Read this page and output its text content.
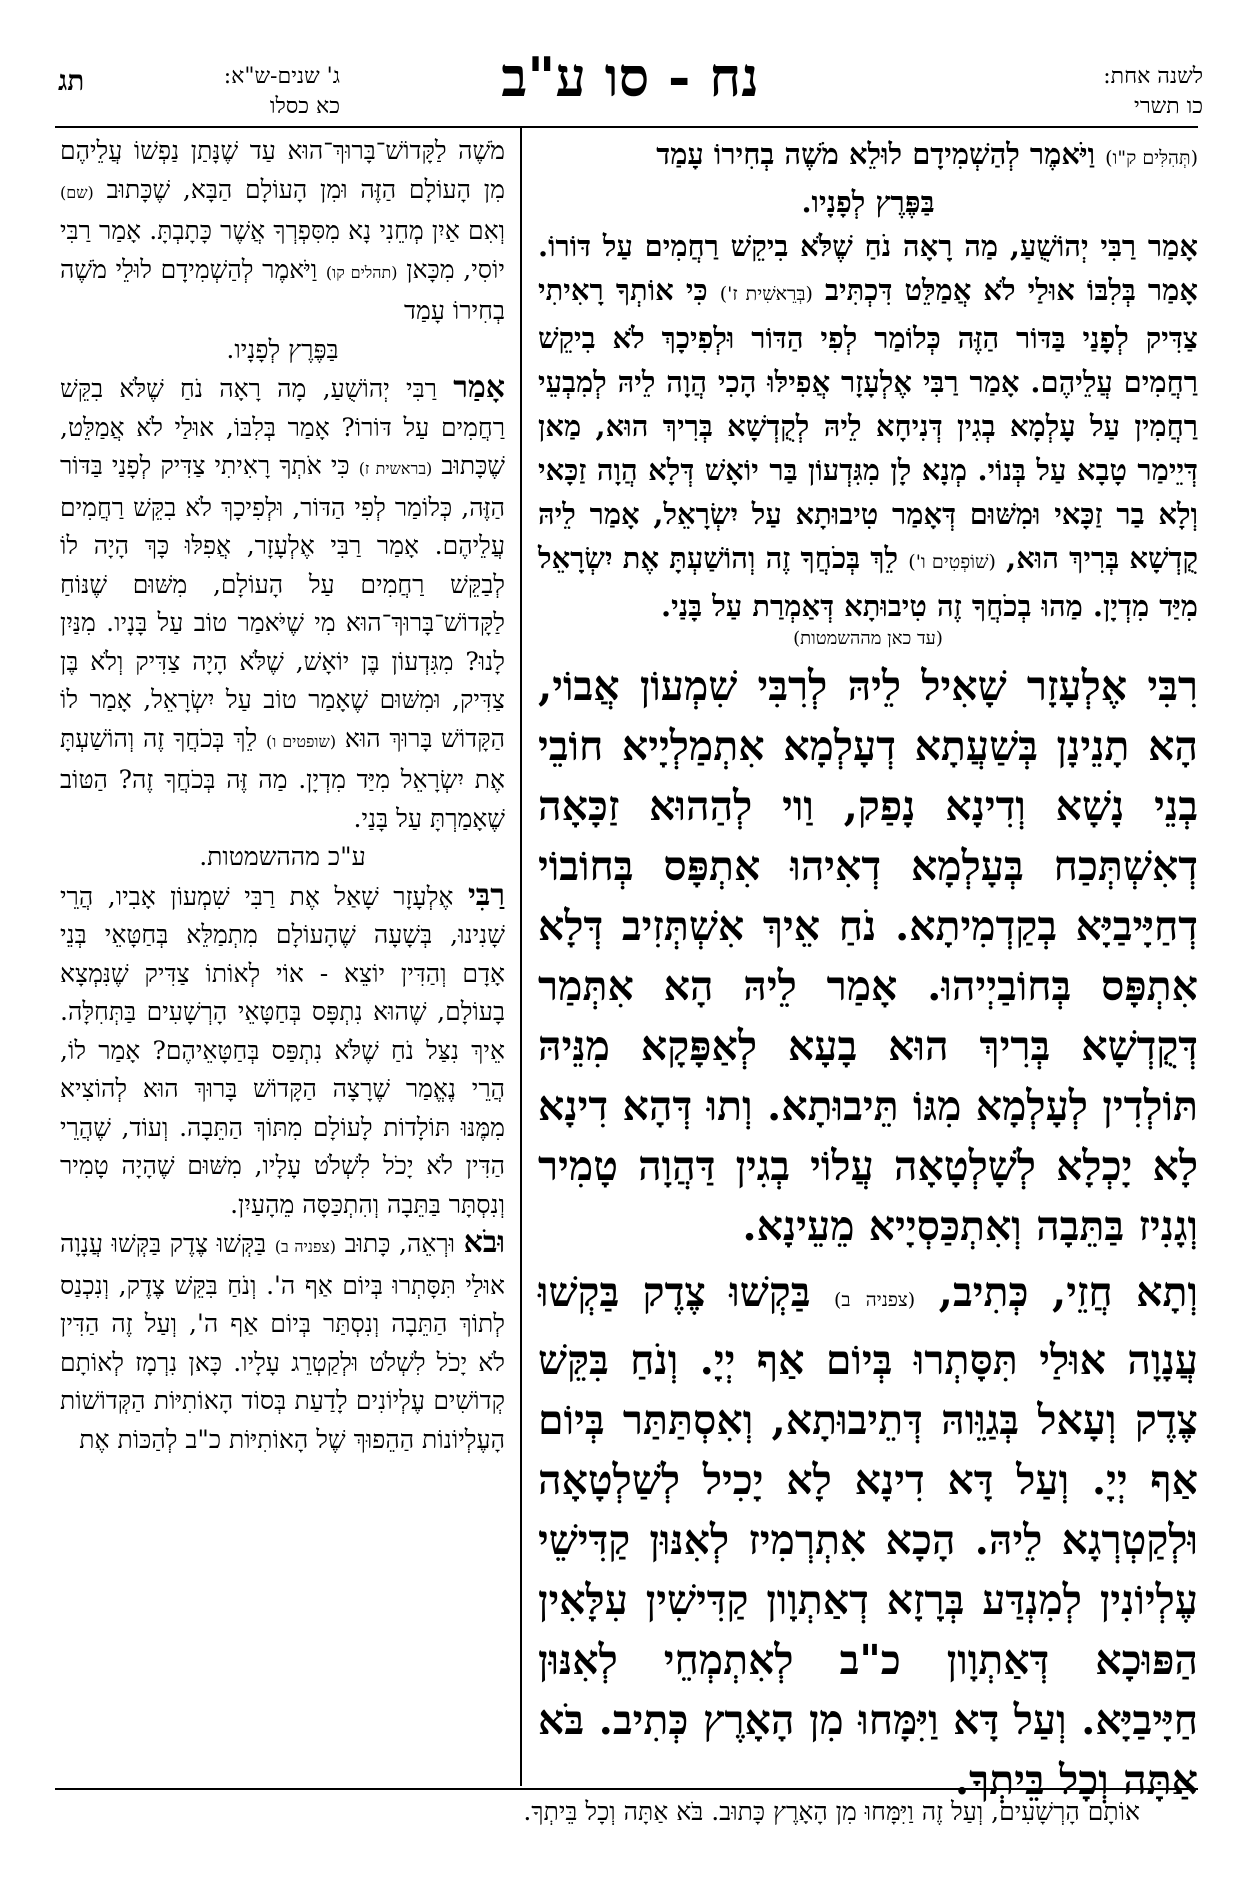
לשנה אחת:
כו תשרי
נח - סו ע"ב
ג' שנים-ש"א:
כא כסלו
תג

(תְּהִלִּים ק"ו) וַיֹּאמֶר לְהַשְׁמִידָם לוּלֵא מֹשֶׁה בְחִירוֹ עָמַד

בַּפֶּרֶץ לְפָנָיו.

אָמַר רַבִּי יְהוֹשֻׁעַ, מַה רָאָה נֹחַ שֶׁלֹּא בִיקֵשׁ רַחֲמִים עַל דּוֹרוֹ. אָמַר בְּלִבּוֹ אוּלַי לֹא אֲמַלֵּט דִּכְתִּיב (בְּרֵאשִׁית ז') כִּי אוֹתְךָ רָאִיתִי צַדִּיק לְפָנַי בַּדּוֹר הַזֶּה כְּלוֹמַר לְפִי הַדּוֹר וּלְפִיכָךְ לֹא בִיקֵשׁ רַחֲמִים עֲלֵיהֶם. אָמַר רַבִּי אֶלְעָזָר אֲפִילּוּ הָכִי הֲוָה לֵיהּ לְמִבְעֵי רַחֲמִין עַל עָלְמָא בְגִין דְּנִיחָא לֵיהּ לְקֻדְשָׁא בְּרִיךְ הוּא, מַאן דְּיֵימַר טָבָא עַל בְּנוֹי. מְנָא לָן מִגִּדְעוֹן בַּר יוֹאָשׁ דְּלָא הֲוָה זַכָּאי וְלָא בַר זַכָּאי וּמִשּׁוּם דְּאָמַר טִיבוּתָא עַל יִשְׂרָאֵל, אָמַר לֵיהּ קֻדְשָׁא בְּרִיךְ הוּא, (שׁוֹפְטִים ו') לֵךְ בְּכֹחֲךָ זֶה וְהוֹשַׁעְתָּ אֶת יִשְׂרָאֵל מִיַּד מִדְיָן. מַהוּ בְכֹחֲךָ זֶה טִיבוּתָא דְּאַמְרַת עַל בָּנַי.
(עד כאן מההשמטות)

רִבִּי אֶלְעָזָר שָׁאִיל לֵיהּ לְרִבִּי שִׁמְעוֹן אֲבוֹי, הָא תָנֵינָן בְּשַׁעֲתָא דְעָלְמָא אִתְמַלְיָיא חוֹבֵי בְנֵי נָשָׁא וְדִינָא נָפַק, וַוי לְהַהוּא זַכָּאָה דְאִשְׁתְּכַח בְּעָלְמָא דְאִיהוּ אִתְפָּס בְּחוֹבוֹי דְחַיָּיבַיָּא בְקַדְמִיתָא. נֹחַ אֵיךְ אִשְׁתְּזִיב דְּלָא אִתְפָּס בְּחוֹבַיְיהוּ. אָמַר לֵיהּ הָא אִתְּמַר דְּקֻדְשָׁא בְּרִיךְ הוּא בָעָא לְאַפָּקָא מִנֵּיהּ תּוֹלְדִין לְעָלְמָא מִגּוֹ תֵּיבוּתָא. וְתוּ דְּהָא דִינָא לָא יָכְלָא לְשָׁלְטָאָה עֲלוֹי בְגִין דַּהֲוָה טָמִיר וְגָנִיז בַּתֵּבָה וְאִתְכַּסְיָיא מֵעֵינָא.

וְתָא חֲזֵי, כְּתִיב, (צפניה ב) בַּקְשׁוּ צֶדֶק בַּקְשׁוּ עֲנָוָה אוּלַי תִּסָּתְרוּ בְּיוֹם אַף יְיָ. וְנֹחַ בִּקֵּשׁ צֶדֶק וְעָאל בְּגַוֵּוהּ דְּתֵיבוּתָא, וְאִסְתַּתַּר בְּיוֹם אַף יְיָ. וְעַל דָּא דִינָא לָא יָכִיל לְשַׁלְטָאָה וּלְקַטְרְגָא לֵיהּ. הָכָא אִתְרְמִיז לְאִנּוּן קַדִּישֵׁי עֶלְיוֹנִין לְמִנְדַּע בְּרָזָא דְאַתְוָון קַדִּישִׁין עִלָּאִין הַפּוּכָא דְּאַתְוָון כ"ב לְאִתְמְחֵי לְאִנּוּן חַיָּיבַיָּא. וְעַל דָּא וַיִּמָּחוּ מִן הָאָרֶץ כְּתִיב. בֹּא אַתָּה וְכָל בֵּיתְךָ.

מֹשֶׁה לַקָּדוֹשׁ־בָּרוּךְ־הוּא עַד שֶׁנָּתַן נַפְשׁוֹ עֲלֵיהֶם מִן הָעוֹלָם הַזֶּה וּמִן הָעוֹלָם הַבָּא, שֶׁכָּתוּב (שם) וְאִם אַיִן מְחֵנִי נָא מִסִּפְרְךָ אֲשֶׁר כָּתָבְתָּ. אָמַר רַבִּי יוֹסִי, מִכָּאן (תהלים קו) וַיֹּאמֶר לְהַשְׁמִידָם לוּלֵי מֹשֶׁה בְחִירוֹ עָמַד

בַּפֶּרֶץ לְפָנָיו.

אָמַר רַבִּי יְהוֹשֻׁעַ, מָה רָאָה נֹחַ שֶׁלֹּא בִקֵּשׁ רַחֲמִים עַל דּוֹרוֹ? אָמַר בְּלִבּוֹ, אוּלַי לֹא אֲמַלֵּט, שֶׁכָּתוּב (בראשית ז) כִּי אֹתְךָ רָאִיתִי צַדִּיק לְפָנַי בַּדּוֹר הַזֶּה, כְּלוֹמַר לְפִי הַדּוֹר, וּלְפִיכָךְ לֹא בִקֵּשׁ רַחֲמִים עֲלֵיהֶם. אָמַר רַבִּי אֶלְעָזָר, אֲפִלּוּ כָּךְ הָיָה לוֹ לְבַקֵּשׁ רַחֲמִים עַל הָעוֹלָם, מִשּׁוּם שֶׁנּוֹחַ לַקָּדוֹשׁ־בָּרוּךְ־הוּא מִי שֶׁיֹּאמַר טוֹב עַל בָּנָיו. מִנַּיִן לָנוּ? מִגִּדְעוֹן בֶּן יוֹאָשׁ, שֶׁלֹּא הָיָה צַדִּיק וְלֹא בֶּן צַדִּיק, וּמִשּׁוּם שֶׁאָמַר טוֹב עַל יִשְׂרָאֵל, אָמַר לוֹ הַקָּדוֹשׁ בָּרוּךְ הוּא (שופטים ו) לֵךְ בְּכֹחֲךָ זֶה וְהוֹשַׁעְתָּ אֶת יִשְׂרָאֵל מִיַּד מִדְיָן. מַה זֶּה בְּכֹחֲךָ זֶה? הַטּוֹב שֶׁאָמַרְתָּ עַל בָּנַי.

ע"כ מההשמטות.

רַבִּי אֶלְעָזָר שָׁאַל אֶת רַבִּי שִׁמְעוֹן אָבִיו, הֲרֵי שָׁנִינוּ, בְּשָׁעָה שֶׁהָעוֹלָם מִתְמַלֵּא בְּחַטָּאֵי בְּנֵי אָדָם וְהַדִּין יוֹצֵא - אוֹי לְאוֹתוֹ צַדִּיק שֶׁנִּמְצָא בָעוֹלָם, שֶׁהוּא נִתְפָּס בְּחַטָּאֵי הָרְשָׁעִים בַּתְּחִלָּה. אֵיךְ נִצַּל נֹחַ שֶׁלֹּא נִתְפַּס בְּחַטָּאֵיהֶם? אָמַר לוֹ, הֲרֵי נֶאֱמַר שֶׁרָצָה הַקָּדוֹשׁ בָּרוּךְ הוּא לְהוֹצִיא מִמֶּנּוּ תּוֹלָדוֹת לָעוֹלָם מִתּוֹךְ הַתֵּבָה. וְעוֹד, שֶׁהֲרֵי הַדִּין לֹא יָכֹל לִשְׁלֹט עָלָיו, מִשּׁוּם שֶׁהָיָה טָמִיר וְנִסְתָּר בַּתֵּבָה וְהִתְכַּסָּה מֵהָעַיִן.

וּבֹא וּרְאֵה, כָּתוּב (צפניה ב) בַּקְּשׁוּ צֶדֶק בַּקְּשׁוּ עֲנָוָה אוּלַי תִּסָּתְרוּ בְּיוֹם אַף ה'. וְנֹחַ בִּקֵּשׁ צֶדֶק, וְנִכְנַס לְתוֹךְ הַתֵּבָה וְנִסְתַּר בְּיוֹם אַף ה', וְעַל זֶה הַדִּין לֹא יָכֹל לִשְׁלֹט וּלְקַטְרֵג עָלָיו. כָּאן נִרְמָז לְאוֹתָם קְדוֹשִׁים עֶלְיוֹנִים לָדַעַת בְּסוֹד הָאוֹתִיּוֹת הַקְּדוֹשׁוֹת הָעֶלְיוֹנוֹת הַהֵפוּךְ שֶׁל הָאוֹתִיּוֹת כ"ב לְהַכּוֹת אֶת

אוֹתָם הָרְשָׁעִים, וְעַל זֶה וַיִּמָּחוּ מִן הָאָרֶץ כָּתוּב. בֹּא אַתָּה וְכָל בֵּיתְךָ.
